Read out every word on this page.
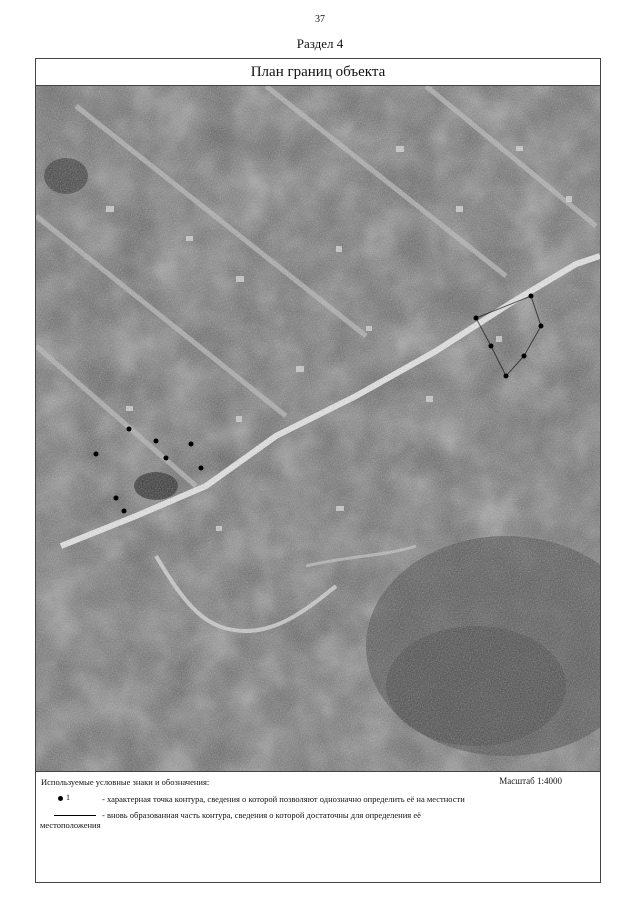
37
Раздел 4
План границ объекта
Используемые условные знаки и обозначения:	Масштаб 1:4000
1	- характерная точка контура, сведения о которой позволяют однозначно определить её на местности
- вновь образованная часть контура, сведения о которой достаточны для определения её
местоположения
